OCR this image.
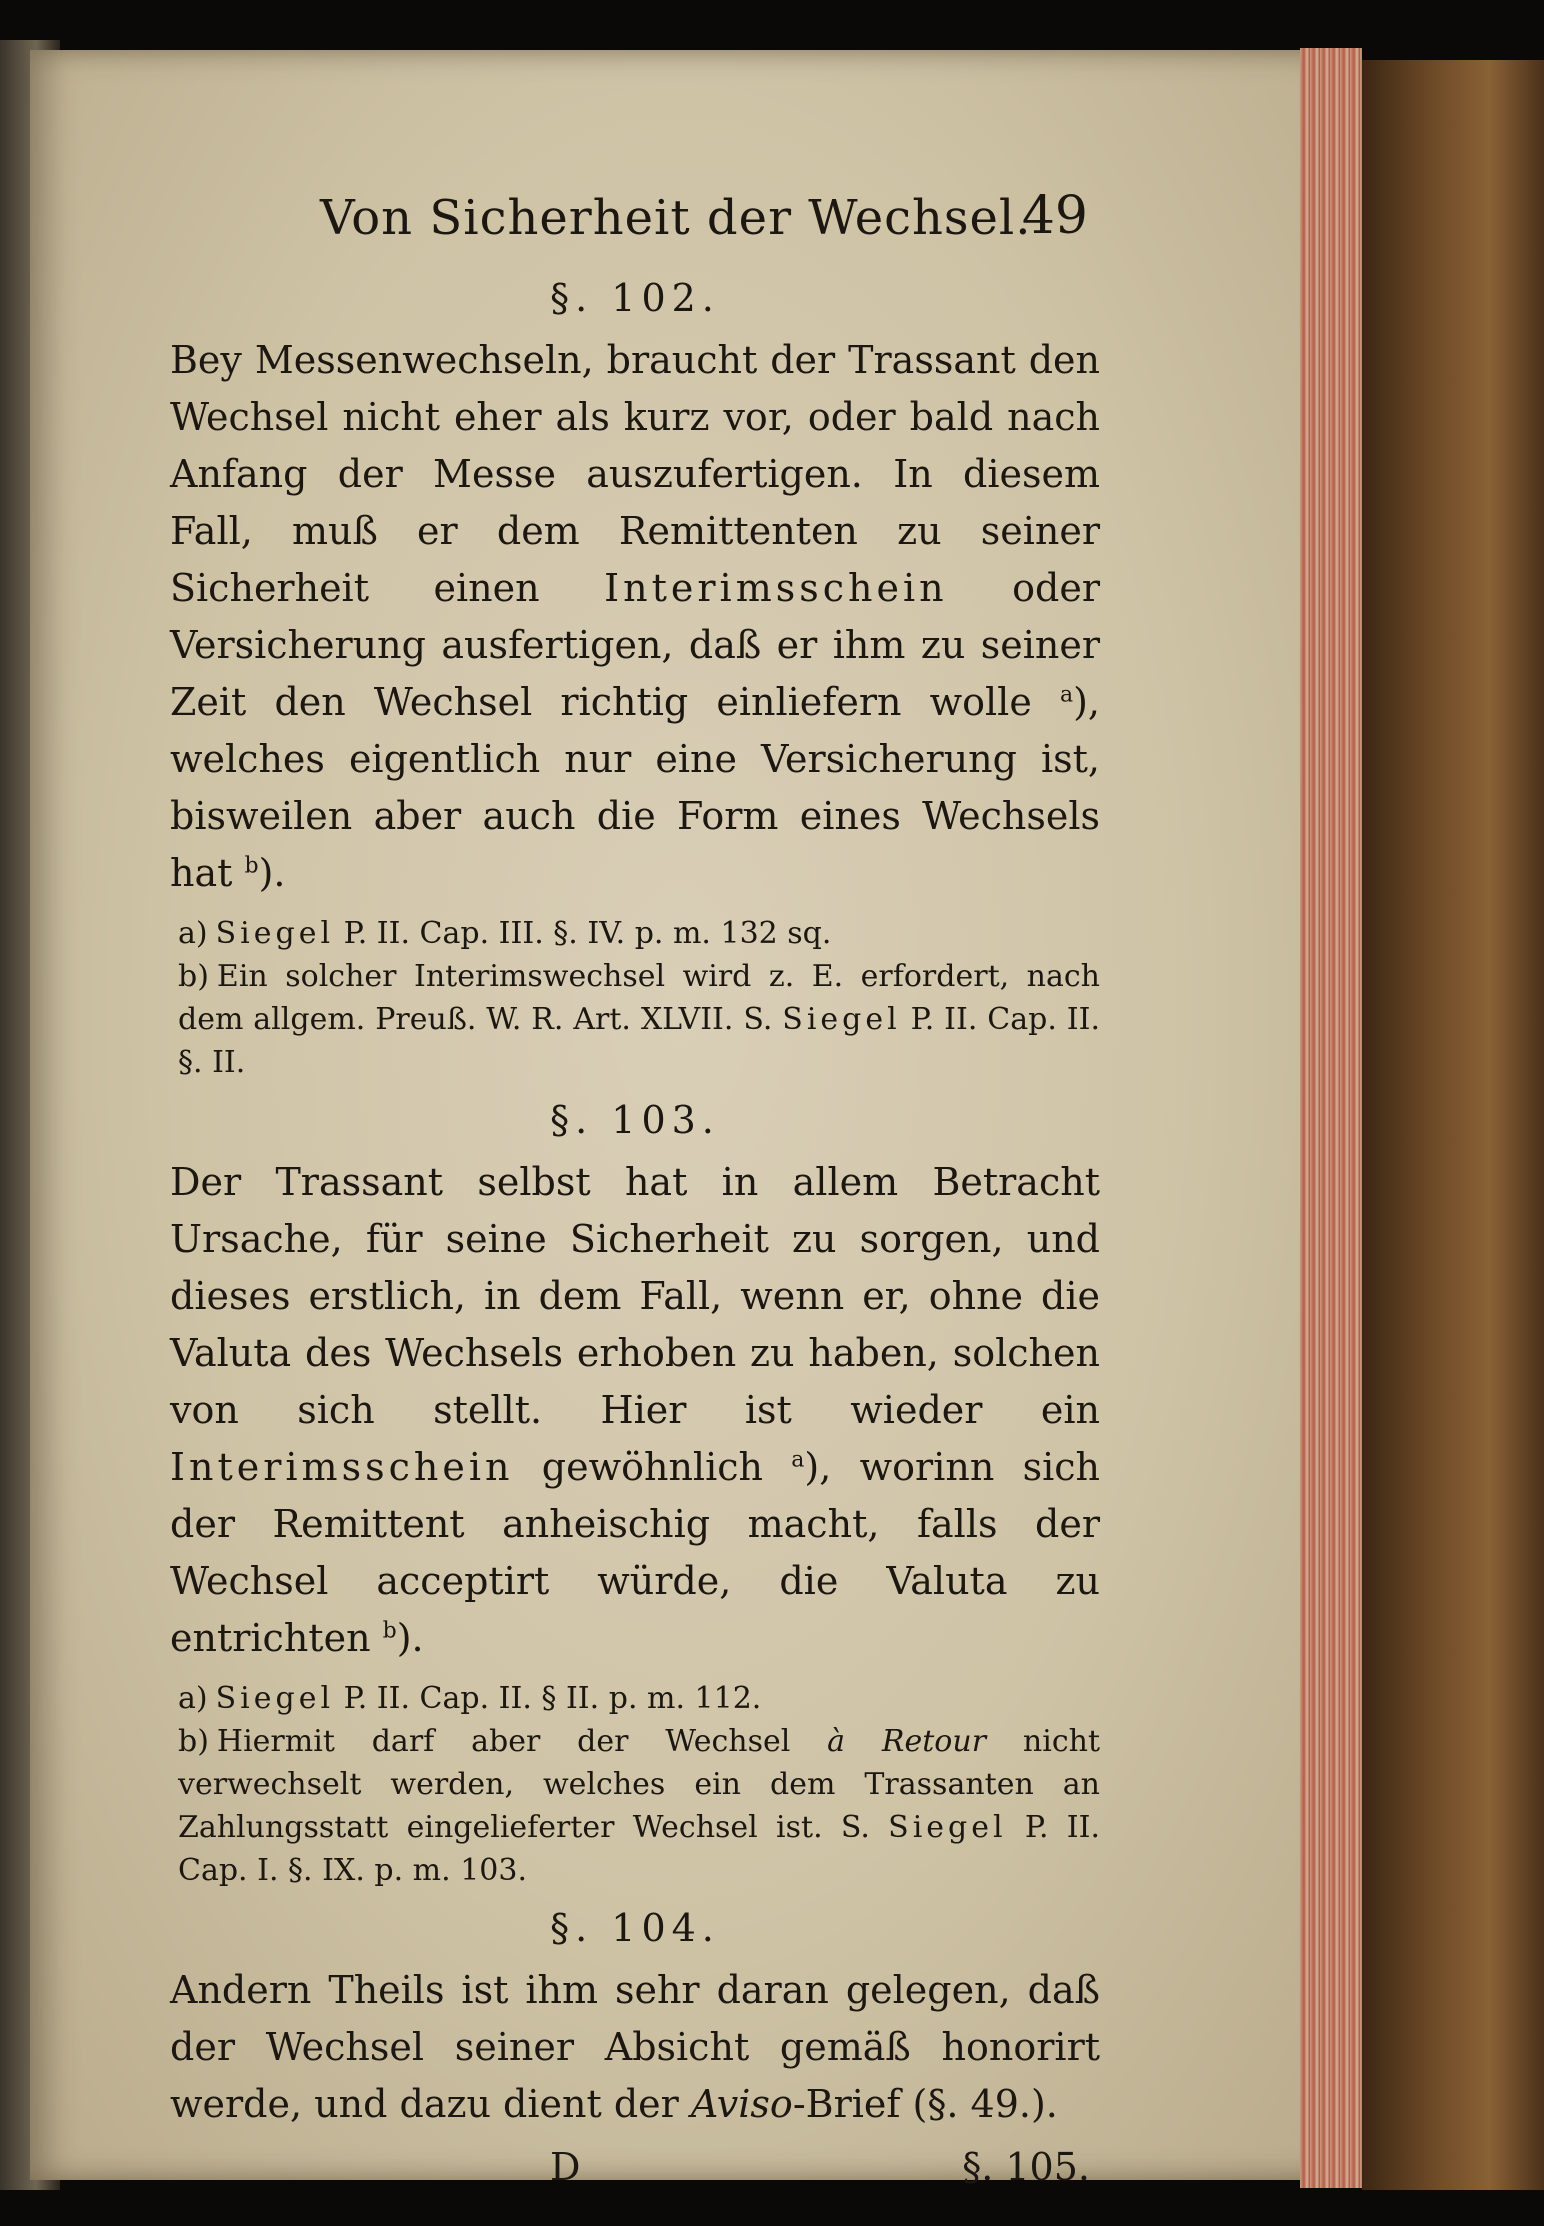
Von Sicherheit der Wechsel.
49
§. 102.

Bey Messenwechseln, braucht der Trassant den Wechsel nicht eher als kurz vor, oder bald nach Anfang der Messe auszufertigen. In diesem Fall, muß er dem Remittenten zu seiner Sicherheit einen Interimsschein oder Versicherung ausfertigen, daß er ihm zu seiner Zeit den Wechsel richtig einliefern wolle $^a$), welches eigentlich nur eine Versicherung ist, bisweilen aber auch die Form eines Wechsels hat $^b$).

a) Siegel P. II. Cap. III. §. IV. p. m. 132 sq.

b) Ein solcher Interimswechsel wird z. E. erfordert, nach dem allgem. Preuß. W. R. Art. XLVII. S. Siegel P. II. Cap. II. §. II.

§. 103.

Der Trassant selbst hat in allem Betracht Ursache, für seine Sicherheit zu sorgen, und dieses erstlich, in dem Fall, wenn er, ohne die Valuta des Wechsels erhoben zu haben, solchen von sich stellt. Hier ist wieder ein Interimsschein gewöhnlich $^a$), worinn sich der Remittent anheischig macht, falls der Wechsel acceptirt würde, die Valuta zu entrichten $^b$).

a) Siegel P. II. Cap. II. § II. p. m. 112.

b) Hiermit darf aber der Wechsel à Retour nicht verwechselt werden, welches ein dem Trassanten an Zahlungsstatt eingelieferter Wechsel ist. S. Siegel P. II. Cap. I. §. IX. p. m. 103.

§. 104.

Andern Theils ist ihm sehr daran gelegen, daß der Wechsel seiner Absicht gemäß honorirt werde, und dazu dient der Aviso-Brief (§. 49.).

D	§. 105.
